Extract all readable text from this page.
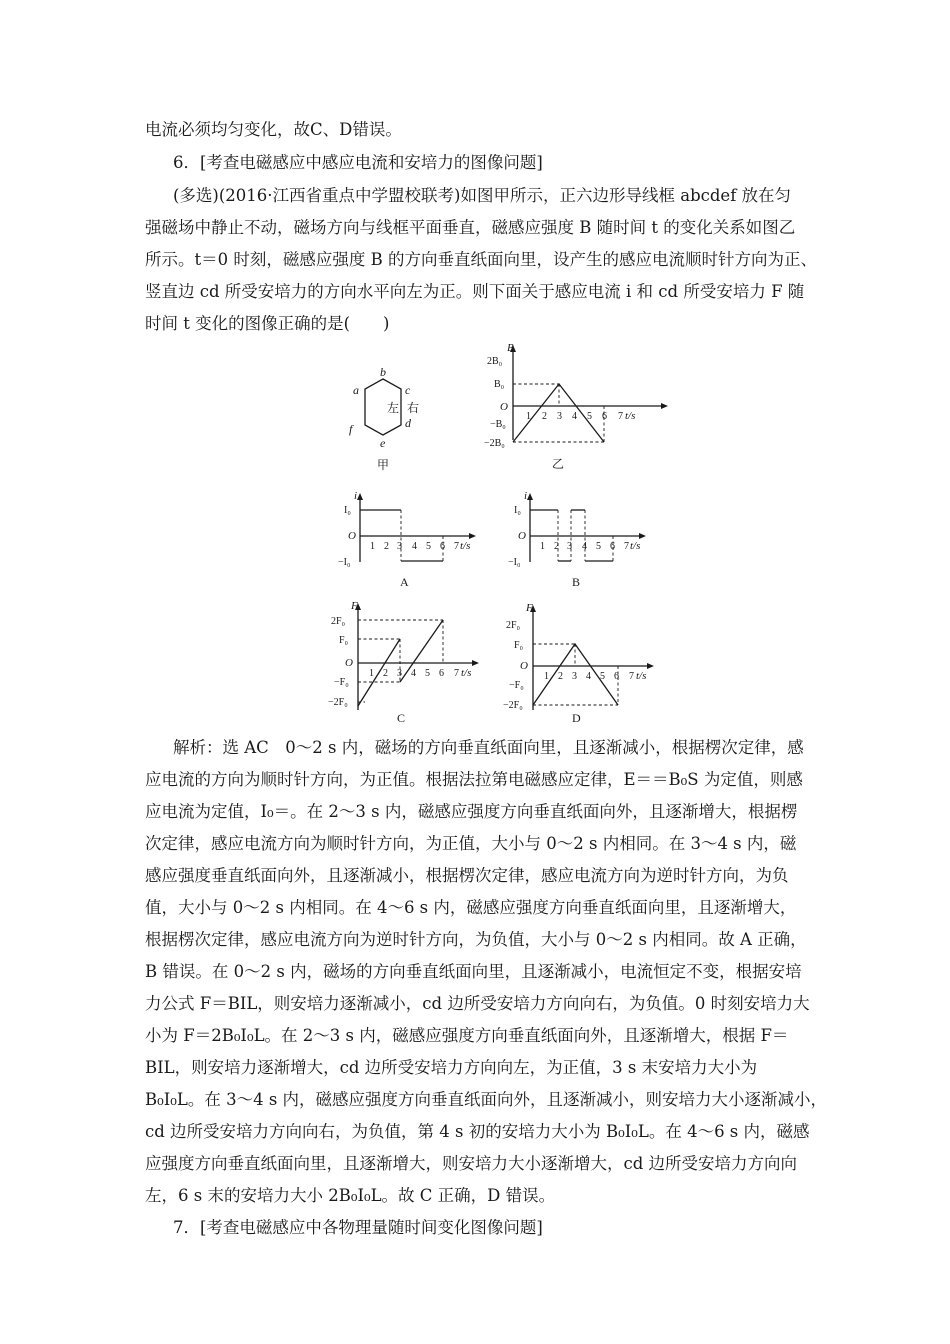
电流必须均匀变化，故C、D错误。
6．[考查电磁感应中感应电流和安培力的图像问题]
(多选)(2016·江西省重点中学盟校联考)如图甲所示，正六边形导线框 abcdef 放在匀
强磁场中静止不动，磁场方向与线框平面垂直，磁感应强度 B 随时间 t 的变化关系如图乙
所示。t＝0 时刻，磁感应强度 B 的方向垂直纸面向里，设产生的感应电流顺时针方向为正、
竖直边 cd 所受安培力的方向水平向左为正。则下面关于感应电流 i 和 cd 所受安培力 F 随
时间 t 变化的图像正确的是(　　)
a
b
c
d
e
f
左 右
甲
B
O
2B₀
B₀
−B₀
−2B₀
1 2 3 4 5 6 7 t/s
乙
i
O
I₀
−I₀
1 2 3 4 5 6 7 t/s
A
i
O
I₀
−I₀
1 2 3 4 5 6 7 t/s
B
F
O
2F₀
F₀
−F₀
−2F₀
1 2 3 4 5 6 7 t/s
C
F
O
2F₀
F₀
−F₀
−2F₀
1 2 3 4 5 6 7 t/s
D
解析：选 AC　0～2 s 内，磁场的方向垂直纸面向里，且逐渐减小，根据楞次定律，感
应电流的方向为顺时针方向，为正值。根据法拉第电磁感应定律，E＝＝B₀S 为定值，则感
应电流为定值，I₀＝。在 2～3 s 内，磁感应强度方向垂直纸面向外，且逐渐增大，根据楞
次定律，感应电流方向为顺时针方向，为正值，大小与 0～2 s 内相同。在 3～4 s 内，磁
感应强度垂直纸面向外，且逐渐减小，根据楞次定律，感应电流方向为逆时针方向，为负
值，大小与 0～2 s 内相同。在 4～6 s 内，磁感应强度方向垂直纸面向里，且逐渐增大，
根据楞次定律，感应电流方向为逆时针方向，为负值，大小与 0～2 s 内相同。故 A 正确，
B 错误。在 0～2 s 内，磁场的方向垂直纸面向里，且逐渐减小，电流恒定不变，根据安培
力公式 F＝BIL，则安培力逐渐减小，cd 边所受安培力方向向右，为负值。0 时刻安培力大
小为 F＝2B₀I₀L。在 2～3 s 内，磁感应强度方向垂直纸面向外，且逐渐增大，根据 F＝
BIL，则安培力逐渐增大，cd 边所受安培力方向向左，为正值，3 s 末安培力大小为
B₀I₀L。在 3～4 s 内，磁感应强度方向垂直纸面向外，且逐渐减小，则安培力大小逐渐减小，
cd 边所受安培力方向向右，为负值，第 4 s 初的安培力大小为 B₀I₀L。在 4～6 s 内，磁感
应强度方向垂直纸面向里，且逐渐增大，则安培力大小逐渐增大，cd 边所受安培力方向向
左，6 s 末的安培力大小 2B₀I₀L。故 C 正确，D 错误。
7．[考查电磁感应中各物理量随时间变化图像问题]
